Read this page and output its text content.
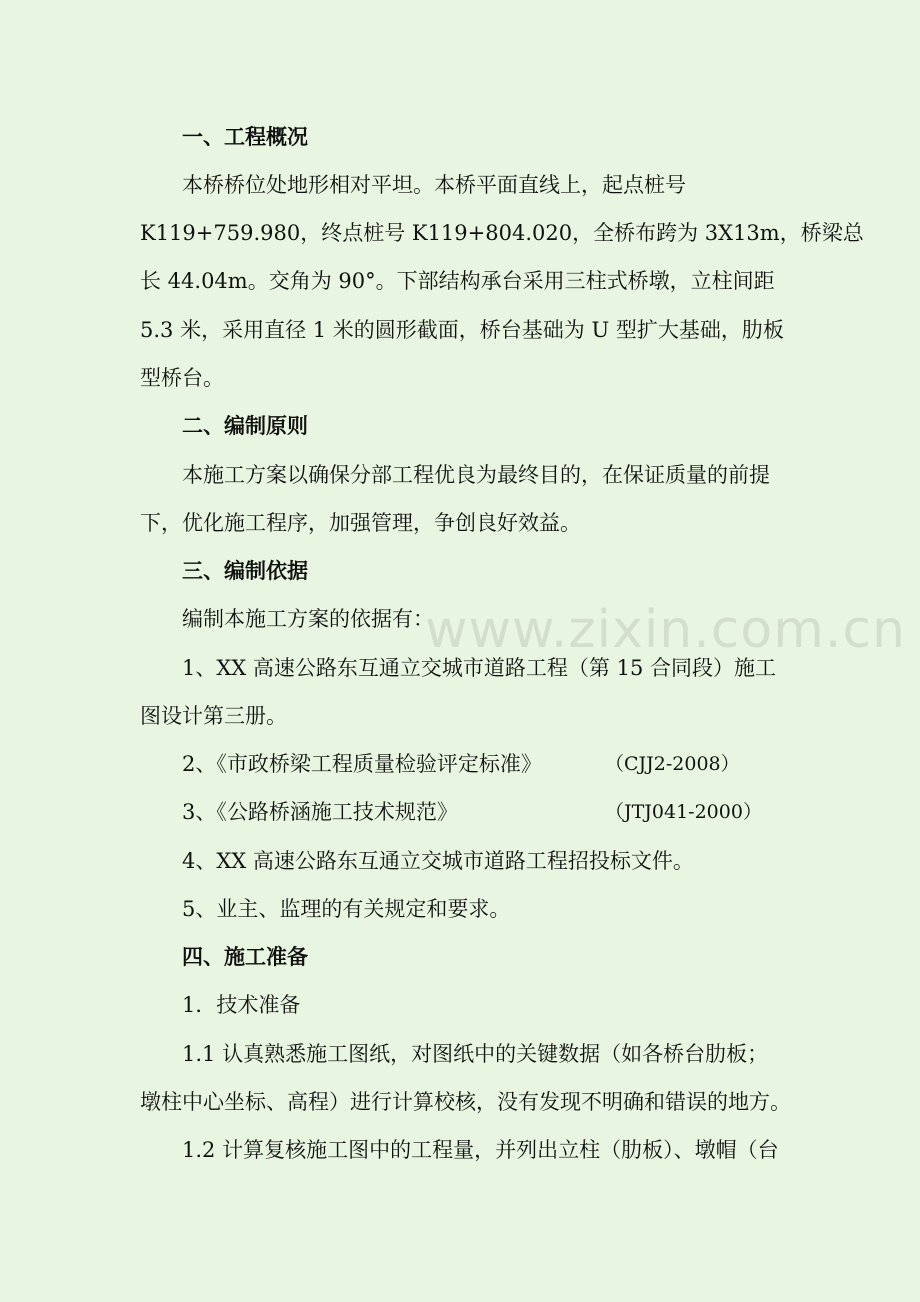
www.zixin.com.cn
一、工程概况
本桥桥位处地形相对平坦。本桥平面直线上，起点桩号
K119+759.980，终点桩号 K119+804.020，全桥布跨为 3X13m，桥梁总
长 44.04m。交角为 90°。下部结构承台采用三柱式桥墩，立柱间距
5.3 米，采用直径 1 米的圆形截面，桥台基础为 U 型扩大基础，肋板
型桥台。
二、编制原则
本施工方案以确保分部工程优良为最终目的，在保证质量的前提
下，优化施工程序，加强管理，争创良好效益。
三、编制依据
编制本施工方案的依据有：
1、XX 高速公路东互通立交城市道路工程（第 15 合同段）施工
图设计第三册。
2、《市政桥梁工程质量检验评定标准》	（CJJ2-2008）
3、《公路桥涵施工技术规范》	（JTJ041-2000）
4、XX 高速公路东互通立交城市道路工程招投标文件。
5、业主、监理的有关规定和要求。
四、施工准备
1．技术准备
1.1 认真熟悉施工图纸，对图纸中的关键数据（如各桥台肋板；
墩柱中心坐标、高程）进行计算校核，没有发现不明确和错误的地方。
1.2 计算复核施工图中的工程量，并列出立柱（肋板）、墩帽（台
